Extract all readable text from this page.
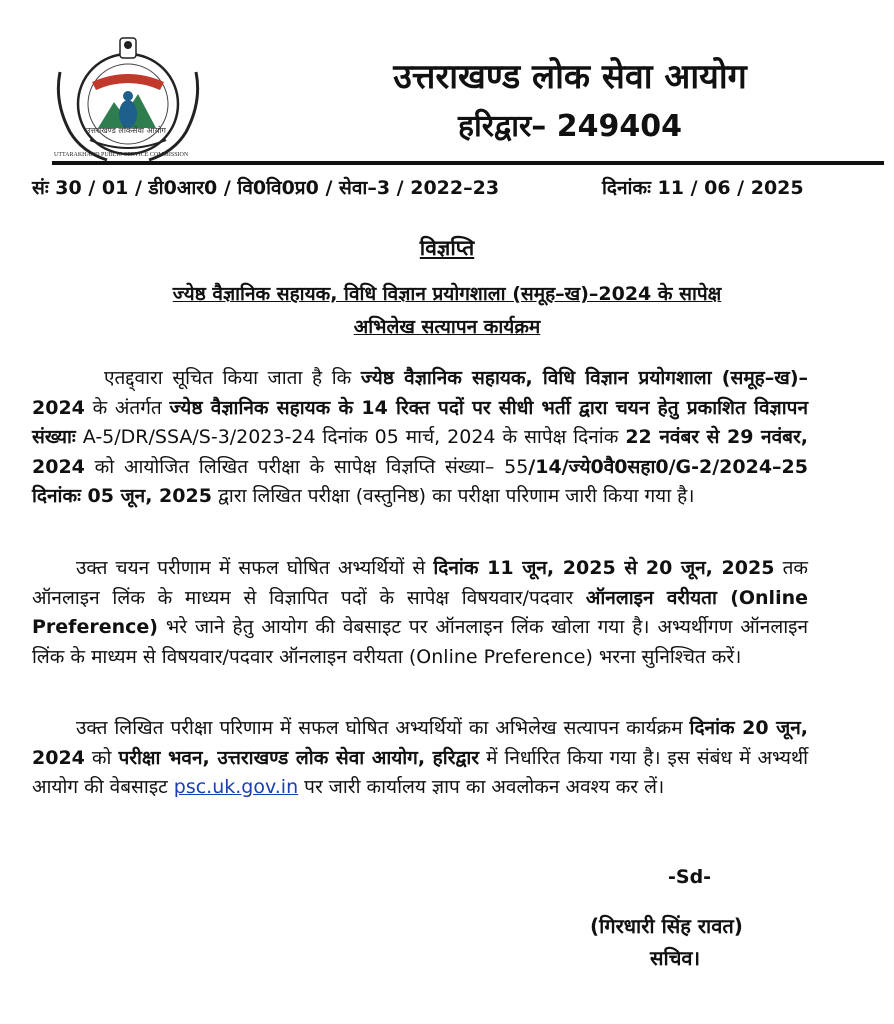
उत्तराखण्ड लोकसेवा आयोग
UTTARAKHAND PUBLIC SERVICE COMMISSION
उत्तराखण्ड लोक सेवा आयोग
हरिद्वार– 249404
संः 30 / 01 / डी0आर0 / वि0वि0प्र0 / सेवा–3 / 2022–23	दिनांकः 11 / 06 / 2025
विज्ञप्ति
ज्येष्ठ वैज्ञानिक सहायक, विधि विज्ञान प्रयोगशाला (समूह–ख)–2024 के सापेक्ष
अभिलेख सत्यापन कार्यक्रम
एतद्द्वारा सूचित किया जाता है कि ज्येष्ठ वैज्ञानिक सहायक, विधि विज्ञान प्रयोगशाला (समूह–ख)–2024 के अंतर्गत ज्येष्ठ वैज्ञानिक सहायक के 14 रिक्त पदों पर सीधी भर्ती द्वारा चयन हेतु प्रकाशित विज्ञापन संख्याः A-5/DR/SSA/S-3/2023-24 दिनांक 05 मार्च, 2024 के सापेक्ष दिनांक 22 नवंबर से 29 नवंबर, 2024 को आयोजित लिखित परीक्षा के सापेक्ष विज्ञप्ति संख्या– 55/14/ज्ये0वै0सहा0/G-2/2024–25 दिनांकः 05 जून, 2025 द्वारा लिखित परीक्षा (वस्तुनिष्ठ) का परीक्षा परिणाम जारी किया गया है।
उक्त चयन परीणाम में सफल घोषित अभ्यर्थियों से दिनांक 11 जून, 2025 से 20 जून, 2025 तक ऑनलाइन लिंक के माध्यम से विज्ञापित पदों के सापेक्ष विषयवार/पदवार ऑनलाइन वरीयता (Online Preference) भरे जाने हेतु आयोग की वेबसाइट पर ऑनलाइन लिंक खोला गया है। अभ्यर्थीगण ऑनलाइन लिंक के माध्यम से विषयवार/पदवार ऑनलाइन वरीयता (Online Preference) भरना सुनिश्चित करें।
उक्त लिखित परीक्षा परिणाम में सफल घोषित अभ्यर्थियों का अभिलेख सत्यापन कार्यक्रम दिनांक 20 जून, 2024 को परीक्षा भवन, उत्तराखण्ड लोक सेवा आयोग, हरिद्वार में निर्धारित किया गया है। इस संबंध में अभ्यर्थी आयोग की वेबसाइट psc.uk.gov.in पर जारी कार्यालय ज्ञाप का अवलोकन अवश्य कर लें।
-Sd-
(गिरधारी सिंह रावत)
सचिव।
